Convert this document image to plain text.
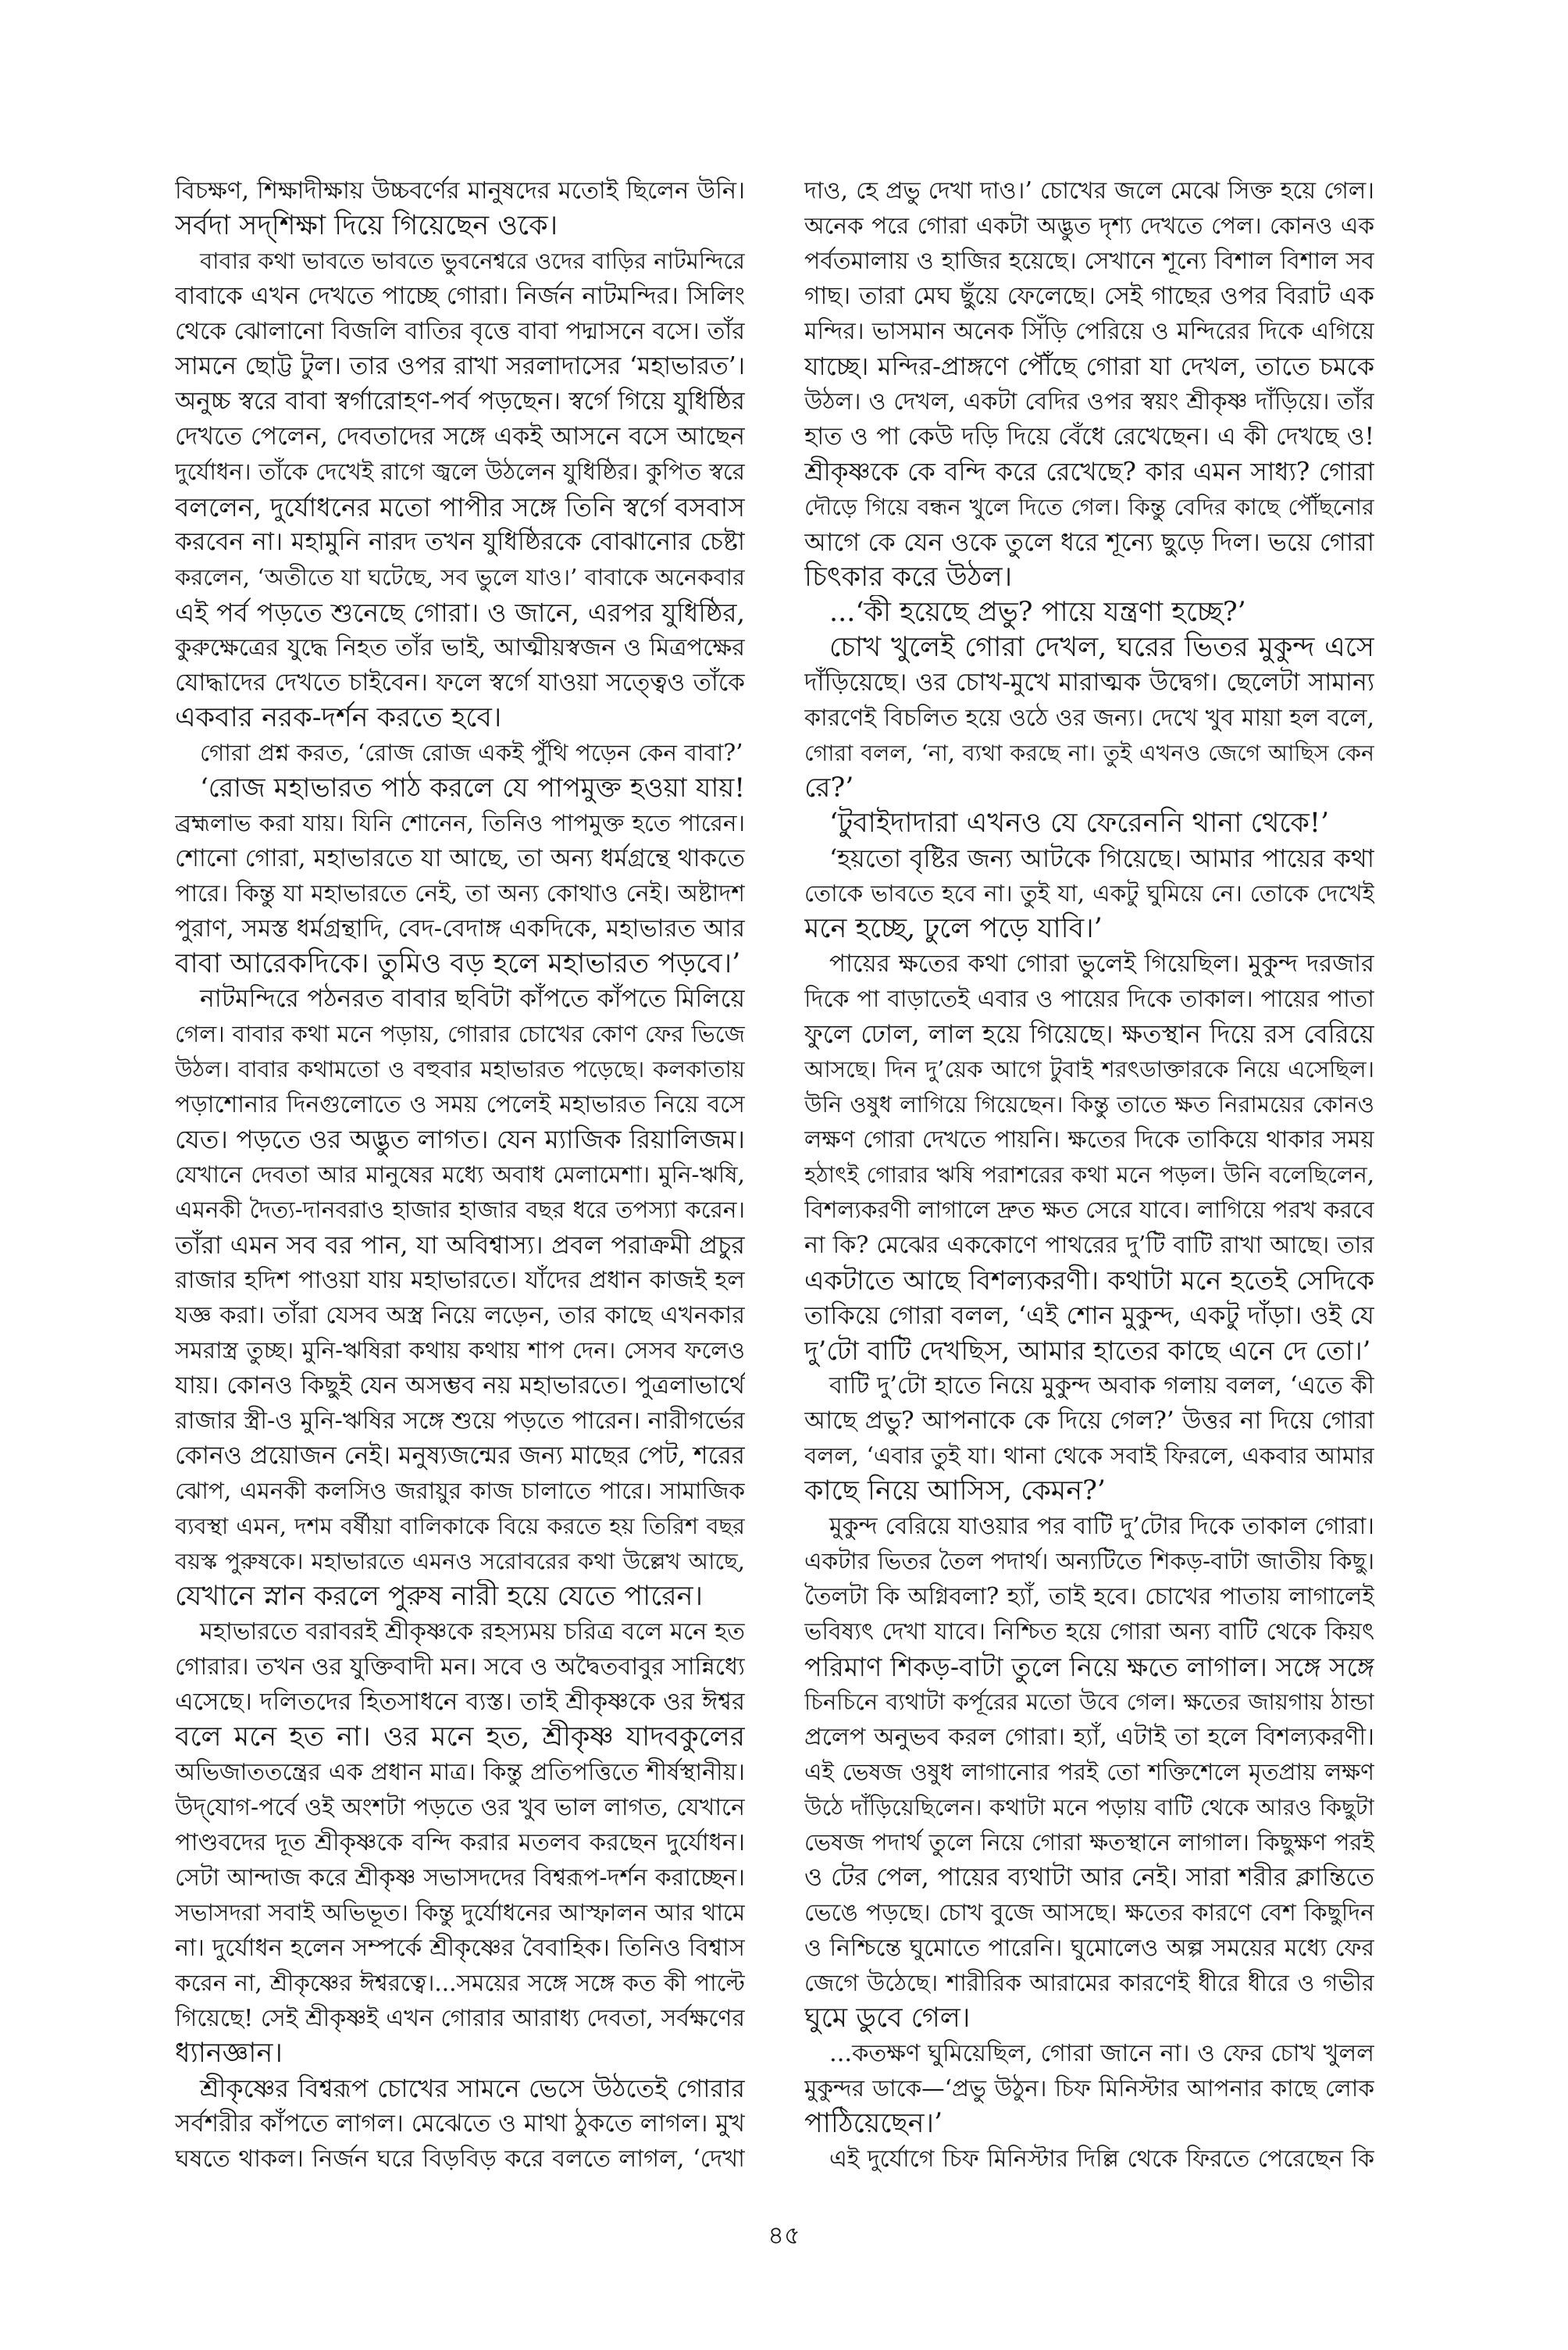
বিচক্ষণ, শিক্ষাদীক্ষায় উচ্চবর্ণের মানুষদের মতোই ছিলেন উনি।
সর্বদা সদ্‌শিক্ষা দিয়ে গিয়েছেন ওকে।
বাবার কথা ভাবতে ভাবতে ভুবনেশ্বরে ওদের বাড়ির নাটমন্দিরে
বাবাকে এখন দেখতে পাচ্ছে গোরা। নির্জন নাটমন্দির। সিলিং
থেকে ঝোলানো বিজলি বাতির বৃত্তে বাবা পদ্মাসনে বসে। তাঁর
সামনে ছোট্ট টুল। তার ওপর রাখা সরলাদাসের ‘মহাভারত’।
অনুচ্চ স্বরে বাবা স্বর্গারোহণ-পর্ব পড়ছেন। স্বর্গে গিয়ে যুধিষ্ঠির
দেখতে পেলেন, দেবতাদের সঙ্গে একই আসনে বসে আছেন
দুর্যোধন। তাঁকে দেখেই রাগে জ্বলে উঠলেন যুধিষ্ঠির। কুপিত স্বরে
বললেন, দুর্যোধনের মতো পাপীর সঙ্গে তিনি স্বর্গে বসবাস
করবেন না। মহামুনি নারদ তখন যুধিষ্ঠিরকে বোঝানোর চেষ্টা
করলেন, ‘অতীতে যা ঘটেছে, সব ভুলে যাও।’ বাবাকে অনেকবার
এই পর্ব পড়তে শুনেছে গোরা। ও জানে, এরপর যুধিষ্ঠির,
কুরুক্ষেত্রের যুদ্ধে নিহত তাঁর ভাই, আত্মীয়স্বজন ও মিত্রপক্ষের
যোদ্ধাদের দেখতে চাইবেন। ফলে স্বর্গে যাওয়া সত্ত্বেও তাঁকে
একবার নরক-দর্শন করতে হবে।
গোরা প্রশ্ন করত, ‘রোজ রোজ একই পুঁথি পড়েন কেন বাবা?’
‘রোজ মহাভারত পাঠ করলে যে পাপমুক্ত হওয়া যায়!
ব্রহ্মলাভ করা যায়। যিনি শোনেন, তিনিও পাপমুক্ত হতে পারেন।
শোনো গোরা, মহাভারতে যা আছে, তা অন্য ধর্মগ্রন্থে থাকতে
পারে। কিন্তু যা মহাভারতে নেই, তা অন্য কোথাও নেই। অষ্টাদশ
পুরাণ, সমস্ত ধর্মগ্রন্থাদি, বেদ-বেদাঙ্গ একদিকে, মহাভারত আর
বাবা আরেকদিকে। তুমিও বড় হলে মহাভারত পড়বে।’
নাটমন্দিরে পঠনরত বাবার ছবিটা কাঁপতে কাঁপতে মিলিয়ে
গেল। বাবার কথা মনে পড়ায়, গোরার চোখের কোণ ফের ভিজে
উঠল। বাবার কথামতো ও বহুবার মহাভারত পড়েছে। কলকাতায়
পড়াশোনার দিনগুলোতে ও সময় পেলেই মহাভারত নিয়ে বসে
যেত। পড়তে ওর অদ্ভুত লাগত। যেন ম্যাজিক রিয়ালিজম।
যেখানে দেবতা আর মানুষের মধ্যে অবাধ মেলামেশা। মুনি-ঋষি,
এমনকী দৈত্য-দানবরাও হাজার হাজার বছর ধরে তপস্যা করেন।
তাঁরা এমন সব বর পান, যা অবিশ্বাস্য। প্রবল পরাক্রমী প্রচুর
রাজার হদিশ পাওয়া যায় মহাভারতে। যাঁদের প্রধান কাজই হল
যজ্ঞ করা। তাঁরা যেসব অস্ত্র নিয়ে লড়েন, তার কাছে এখনকার
সমরাস্ত্র তুচ্ছ। মুনি-ঋষিরা কথায় কথায় শাপ দেন। সেসব ফলেও
যায়। কোনও কিছুই যেন অসম্ভব নয় মহাভারতে। পুত্রলাভার্থে
রাজার স্ত্রী-ও মুনি-ঋষির সঙ্গে শুয়ে পড়তে পারেন। নারীগর্ভের
কোনও প্রয়োজন নেই। মনুষ্যজন্মের জন্য মাছের পেট, শরের
ঝোপ, এমনকী কলসিও জরায়ুর কাজ চালাতে পারে। সামাজিক
ব্যবস্থা এমন, দশম বর্ষীয়া বালিকাকে বিয়ে করতে হয় তিরিশ বছর
বয়স্ক পুরুষকে। মহাভারতে এমনও সরোবরের কথা উল্লেখ আছে,
যেখানে স্নান করলে পুরুষ নারী হয়ে যেতে পারেন।
মহাভারতে বরাবরই শ্রীকৃষ্ণকে রহস্যময় চরিত্র বলে মনে হত
গোরার। তখন ওর যুক্তিবাদী মন। সবে ও অদ্বৈতবাবুর সান্নিধ্যে
এসেছে। দলিতদের হিতসাধনে ব্যস্ত। তাই শ্রীকৃষ্ণকে ওর ঈশ্বর
বলে মনে হত না। ওর মনে হত, শ্রীকৃষ্ণ যাদবকুলের
অভিজাততন্ত্রের এক প্রধান মাত্র। কিন্তু প্রতিপত্তিতে শীর্ষস্থানীয়।
উদ্‌যোগ-পর্বে ওই অংশটা পড়তে ওর খুব ভাল লাগত, যেখানে
পাণ্ডবদের দূত শ্রীকৃষ্ণকে বন্দি করার মতলব করছেন দুর্যোধন।
সেটা আন্দাজ করে শ্রীকৃষ্ণ সভাসদদের বিশ্বরূপ-দর্শন করাচ্ছেন।
সভাসদরা সবাই অভিভূত। কিন্তু দুর্যোধনের আস্ফালন আর থামে
না। দুর্যোধন হলেন সম্পর্কে শ্রীকৃষ্ণের বৈবাহিক। তিনিও বিশ্বাস
করেন না, শ্রীকৃষ্ণের ঈশ্বরত্বে।...সময়ের সঙ্গে সঙ্গে কত কী পাল্টে
গিয়েছে! সেই শ্রীকৃষ্ণই এখন গোরার আরাধ্য দেবতা, সর্বক্ষণের
ধ্যানজ্ঞান।
শ্রীকৃষ্ণের বিশ্বরূপ চোখের সামনে ভেসে উঠতেই গোরার
সর্বশরীর কাঁপতে লাগল। মেঝেতে ও মাথা ঠুকতে লাগল। মুখ
ঘষতে থাকল। নির্জন ঘরে বিড়বিড় করে বলতে লাগল, ‘দেখা
দাও, হে প্রভু দেখা দাও।’ চোখের জলে মেঝে সিক্ত হয়ে গেল।
অনেক পরে গোরা একটা অদ্ভুত দৃশ্য দেখতে পেল। কোনও এক
পর্বতমালায় ও হাজির হয়েছে। সেখানে শূন্যে বিশাল বিশাল সব
গাছ। তারা মেঘ ছুঁয়ে ফেলেছে। সেই গাছের ওপর বিরাট এক
মন্দির। ভাসমান অনেক সিঁড়ি পেরিয়ে ও মন্দিরের দিকে এগিয়ে
যাচ্ছে। মন্দির-প্রাঙ্গণে পৌঁছে গোরা যা দেখল, তাতে চমকে
উঠল। ও দেখল, একটা বেদির ওপর স্বয়ং শ্রীকৃষ্ণ দাঁড়িয়ে। তাঁর
হাত ও পা কেউ দড়ি দিয়ে বেঁধে রেখেছেন। এ কী দেখছে ও!
শ্রীকৃষ্ণকে কে বন্দি করে রেখেছে? কার এমন সাধ্য? গোরা
দৌড়ে গিয়ে বন্ধন খুলে দিতে গেল। কিন্তু বেদির কাছে পৌঁছনোর
আগে কে যেন ওকে তুলে ধরে শূন্যে ছুড়ে দিল। ভয়ে গোরা
চিৎকার করে উঠল।
...‘কী হয়েছে প্রভু? পায়ে যন্ত্রণা হচ্ছে?’
চোখ খুলেই গোরা দেখল, ঘরের ভিতর মুকুন্দ এসে
দাঁড়িয়েছে। ওর চোখ-মুখে মারাত্মক উদ্বেগ। ছেলেটা সামান্য
কারণেই বিচলিত হয়ে ওঠে ওর জন্য। দেখে খুব মায়া হল বলে,
গোরা বলল, ‘না, ব্যথা করছে না। তুই এখনও জেগে আছিস কেন
রে?’
‘টুবাইদাদারা এখনও যে ফেরেননি থানা থেকে!’
‘হয়তো বৃষ্টির জন্য আটকে গিয়েছে। আমার পায়ের কথা
তোকে ভাবতে হবে না। তুই যা, একটু ঘুমিয়ে নে। তোকে দেখেই
মনে হচ্ছে, ঢুলে পড়ে যাবি।’
পায়ের ক্ষতের কথা গোরা ভুলেই গিয়েছিল। মুকুন্দ দরজার
দিকে পা বাড়াতেই এবার ও পায়ের দিকে তাকাল। পায়ের পাতা
ফুলে ঢোল, লাল হয়ে গিয়েছে। ক্ষতস্থান দিয়ে রস বেরিয়ে
আসছে। দিন দু’য়েক আগে টুবাই শরৎডাক্তারকে নিয়ে এসেছিল।
উনি ওষুধ লাগিয়ে গিয়েছেন। কিন্তু তাতে ক্ষত নিরাময়ের কোনও
লক্ষণ গোরা দেখতে পায়নি। ক্ষতের দিকে তাকিয়ে থাকার সময়
হঠাৎই গোরার ঋষি পরাশরের কথা মনে পড়ল। উনি বলেছিলেন,
বিশল্যকরণী লাগালে দ্রুত ক্ষত সেরে যাবে। লাগিয়ে পরখ করবে
না কি? মেঝের এককোণে পাথরের দু’টি বাটি রাখা আছে। তার
একটাতে আছে বিশল্যকরণী। কথাটা মনে হতেই সেদিকে
তাকিয়ে গোরা বলল, ‘এই শোন মুকুন্দ, একটু দাঁড়া। ওই যে
দু’টো বাটি দেখছিস, আমার হাতের কাছে এনে দে তো।’
বাটি দু’টো হাতে নিয়ে মুকুন্দ অবাক গলায় বলল, ‘এতে কী
আছে প্রভু? আপনাকে কে দিয়ে গেল?’ উত্তর না দিয়ে গোরা
বলল, ‘এবার তুই যা। থানা থেকে সবাই ফিরলে, একবার আমার
কাছে নিয়ে আসিস, কেমন?’
মুকুন্দ বেরিয়ে যাওয়ার পর বাটি দু’টোর দিকে তাকাল গোরা।
একটার ভিতর তৈল পদার্থ। অন্যটিতে শিকড়-বাটা জাতীয় কিছু।
তৈলটা কি অগ্নিবলা? হ্যাঁ, তাই হবে। চোখের পাতায় লাগালেই
ভবিষ্যৎ দেখা যাবে। নিশ্চিত হয়ে গোরা অন্য বাটি থেকে কিয়ৎ
পরিমাণ শিকড়-বাটা তুলে নিয়ে ক্ষতে লাগাল। সঙ্গে সঙ্গে
চিনচিনে ব্যথাটা কর্পূরের মতো উবে গেল। ক্ষতের জায়গায় ঠান্ডা
প্রলেপ অনুভব করল গোরা। হ্যাঁ, এটাই তা হলে বিশল্যকরণী।
এই ভেষজ ওষুধ লাগানোর পরই তো শক্তিশেলে মৃতপ্রায় লক্ষণ
উঠে দাঁড়িয়েছিলেন। কথাটা মনে পড়ায় বাটি থেকে আরও কিছুটা
ভেষজ পদার্থ তুলে নিয়ে গোরা ক্ষতস্থানে লাগাল। কিছুক্ষণ পরই
ও টের পেল, পায়ের ব্যথাটা আর নেই। সারা শরীর ক্লান্তিতে
ভেঙে পড়ছে। চোখ বুজে আসছে। ক্ষতের কারণে বেশ কিছুদিন
ও নিশ্চিন্তে ঘুমোতে পারেনি। ঘুমোলেও অল্প সময়ের মধ্যে ফের
জেগে উঠেছে। শারীরিক আরামের কারণেই ধীরে ধীরে ও গভীর
ঘুমে ডুবে গেল।
...কতক্ষণ ঘুমিয়েছিল, গোরা জানে না। ও ফের চোখ খুলল
মুকুন্দর ডাকে—‘প্রভু উঠুন। চিফ মিনিস্টার আপনার কাছে লোক
পাঠিয়েছেন।’
এই দুর্যোগে চিফ মিনিস্টার দিল্লি থেকে ফিরতে পেরেছেন কি
৪৫
